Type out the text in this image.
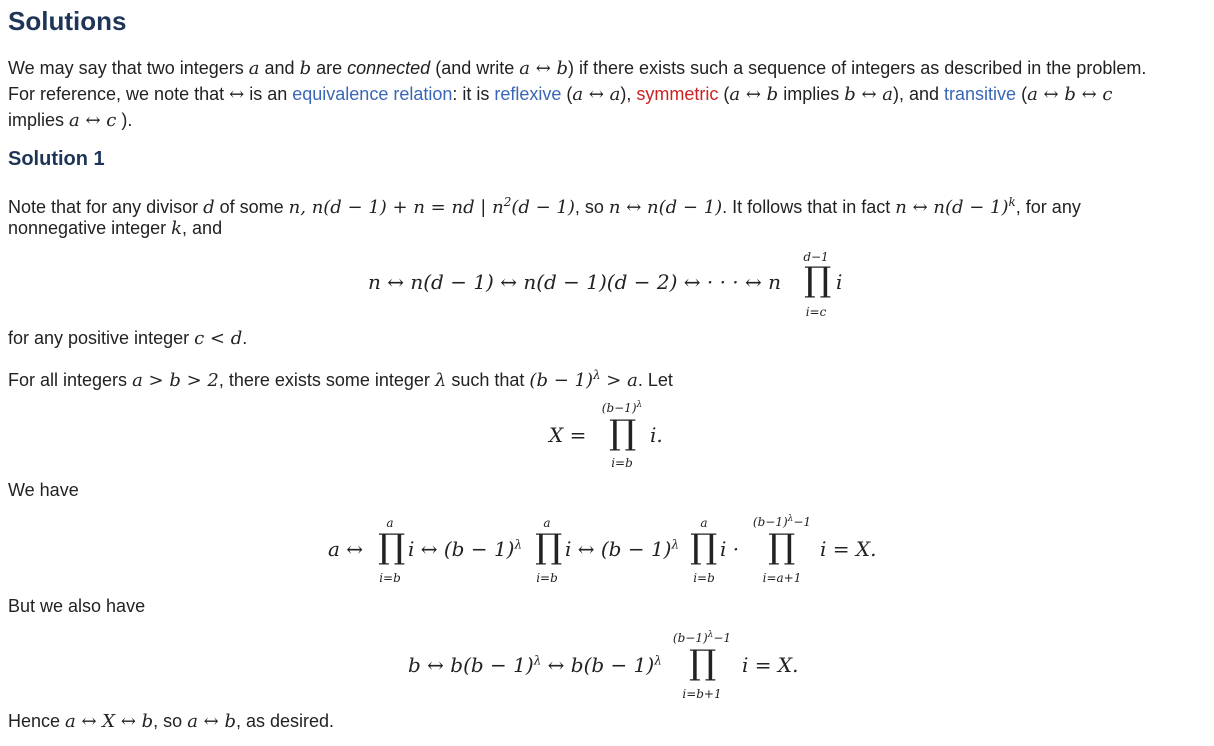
Solutions
We may say that two integers a and b are connected (and write a ↔ b) if there exists such a sequence of integers as described in the problem.
For reference, we note that ↔ is an equivalence relation: it is reflexive (a ↔ a), symmetric (a ↔ b implies b ↔ a), and transitive (a ↔ b ↔ c
implies a ↔ c ).
Solution 1
Note that for any divisor d of some n, n(d − 1) + n = nd | $n^2(d - 1)$, so n ↔ n(d − 1). It follows that in fact n ↔ $n(d - 1)^k$, for any
nonnegative integer k, and
n ↔ n(d − 1) ↔ n(d − 1)(d − 2) ↔ · · · ↔ n
d−1
∏
i=c
i
for any positive integer c < d.
For all integers a > b > 2, there exists some integer λ such that $(b - 1)^\lambda > a$. Let
X =
$(b-1)^\lambda$
∏
i=b
i.
We have
a ↔
a
∏
i=b
i ↔ $(b - 1)^\lambda$
a
∏
i=b
i ↔ $(b - 1)^\lambda$
a
∏
i=b
i ·
$(b-1)^\lambda-1$
∏
i=a+1
i = X.
But we also have
b ↔ $b(b - 1)^\lambda$ ↔ $b(b - 1)^\lambda$
$(b-1)^\lambda-1$
∏
i=b+1
i = X.
Hence a ↔ X ↔ b, so a ↔ b, as desired.
